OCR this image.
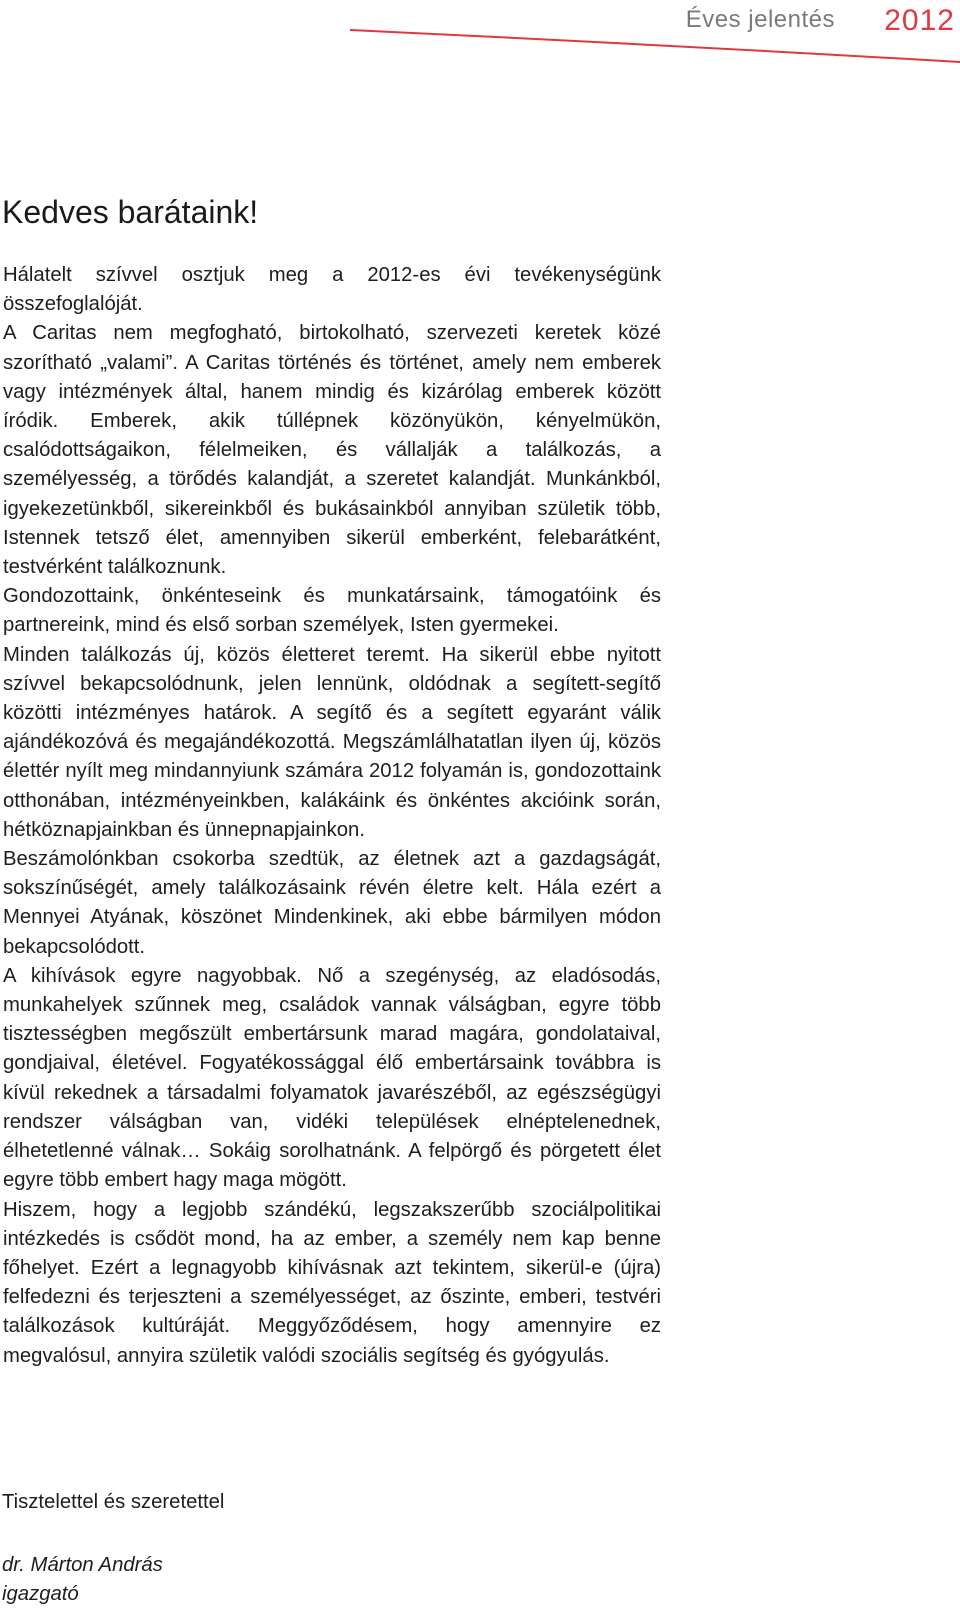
Éves jelentés 2012
Kedves barátaink!

Hálatelt szívvel osztjuk meg a 2012-es évi tevékenységünk összefoglalóját.

A Caritas nem megfogható, birtokolható, szervezeti keretek közé szorítható „valami”. A Caritas történés és történet, amely nem emberek vagy intézmények által, hanem mindig és kizárólag emberek között íródik. Emberek, akik túllépnek közönyükön, kényelmükön, csalódottságaikon, félelmeiken, és vállalják a találkozás, a személyesség, a törődés kalandját, a szeretet kalandját. Munkánkból, igyekezetünkből, sikereinkből és bukásainkból annyiban születik több, Istennek tetsző élet, amennyiben sikerül emberként, felebarátként, testvérként találkoznunk.

Gondozottaink, önkénteseink és munkatársaink, támogatóink és partnereink, mind és első sorban személyek, Isten gyermekei.

Minden találkozás új, közös életteret teremt. Ha sikerül ebbe nyitott szívvel bekapcsolódnunk, jelen lennünk, oldódnak a segített-segítő közötti intézményes határok. A segítő és a segített egyaránt válik ajándékozóvá és megajándékozottá. Megszámlálhatatlan ilyen új, közös élettér nyílt meg mindannyiunk számára 2012 folyamán is, gondozottaink otthonában, intézményeinkben, kalákáink és önkéntes akcióink során, hétköznapjainkban és ünnepnapjainkon.

Beszámolónkban csokorba szedtük, az életnek azt a gazdagságát, sokszínűségét, amely találkozásaink révén életre kelt. Hála ezért a Mennyei Atyának, köszönet Mindenkinek, aki ebbe bármilyen módon bekapcsolódott.

A kihívások egyre nagyobbak. Nő a szegénység, az eladósodás, munkahelyek szűnnek meg, családok vannak válságban, egyre több tisztességben megőszült embertársunk marad magára, gondolataival, gondjaival, életével. Fogyatékossággal élő embertársaink továbbra is kívül rekednek a társadalmi folyamatok javarészéből, az egészségügyi rendszer válságban van, vidéki települések elnéptelenednek, élhetetlenné válnak… Sokáig sorolhatnánk. A felpörgő és pörgetett élet egyre több embert hagy maga mögött.

Hiszem, hogy a legjobb szándékú, legszakszerűbb szociálpolitikai intézkedés is csődöt mond, ha az ember, a személy nem kap benne főhelyet. Ezért a legnagyobb kihívásnak azt tekintem, sikerül-e (újra) felfedezni és terjeszteni a személyességet, az őszinte, emberi, testvéri találkozások kultúráját. Meggyőződésem, hogy amennyire ez megvalósul, annyira születik valódi szociális segítség és gyógyulás.

Tisztelettel és szeretettel

dr. Márton András
igazgató
